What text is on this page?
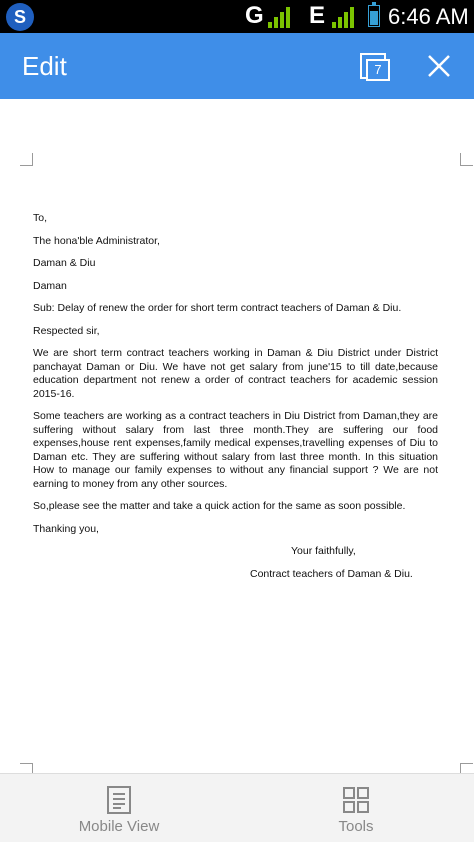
S	G E	6:46 AM
Edit	7

To,

The hona'ble Administrator,

Daman & Diu

Daman

Sub: Delay of renew the order for short term contract teachers of Daman & Diu.

Respected sir,

We are short term contract teachers working in Daman & Diu District under District panchayat Daman or Diu. We have not get salary from june'15 to till date,because education department not renew a order of contract teachers for academic session 2015-16.

Some teachers are working as a contract teachers in Diu District from Daman,they are suffering without salary from last three month.They are suffering our food expenses,house rent expenses,family medical expenses,travelling expenses of Diu to Daman etc. They are suffering without salary from last three month. In this situation How to manage our family expenses to without any financial support ? We are not earning to money from any other sources.

So,please see the matter and take a quick action for the same as soon possible.

Thanking you,

Your faithfully,

Contract teachers of Daman & Diu.

Mobile View	Tools
